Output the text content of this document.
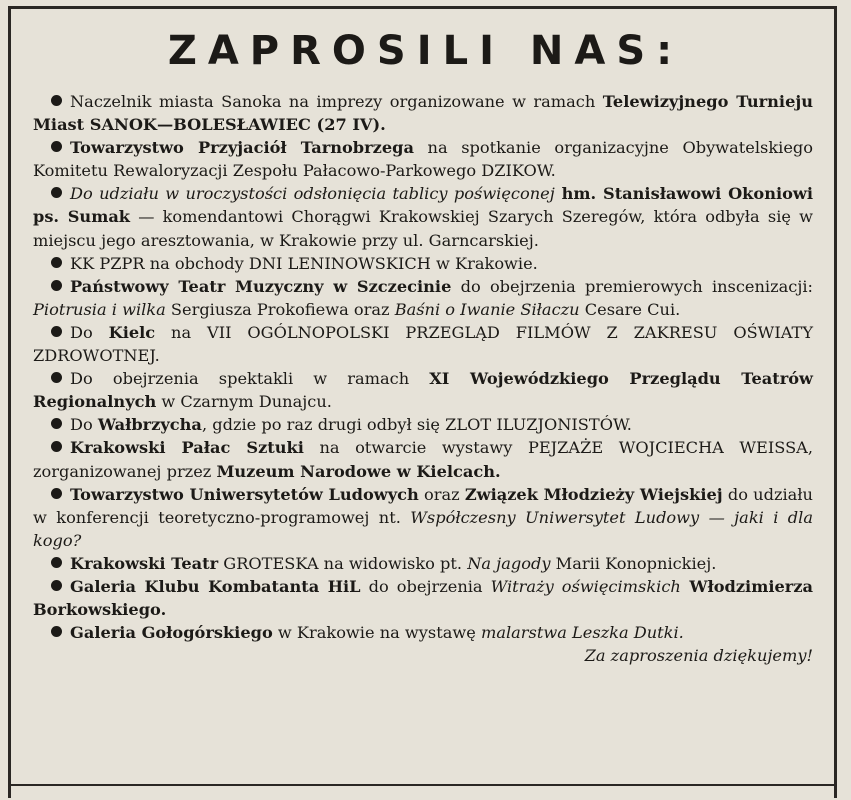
ZAPROSILI NAS:

Naczelnik miasta Sanoka na imprezy organizowane w ramach Telewizyjnego Turnieju Miast SANOK—BOLESŁAWIEC (27 IV).

Towarzystwo Przyjaciół Tarnobrzega na spotkanie organizacyjne Obywatelskiego Komitetu Rewaloryzacji Zespołu Pałacowo-Parkowego DZIKOW.

Do udziału w uroczystości odsłonięcia tablicy poświęconej hm. Stanisławowi Okoniowi ps. Sumak — komendantowi Chorągwi Krakowskiej Szarych Szeregów, która odbyła się w miejscu jego aresztowania, w Krakowie przy ul. Garncarskiej.

KK PZPR na obchody DNI LENINOWSKICH w Krakowie.

Państwowy Teatr Muzyczny w Szczecinie do obejrzenia premierowych inscenizacji: Piotrusia i wilka Sergiusza Prokofiewa oraz Baśni o Iwanie Siłaczu Cesare Cui.

Do Kielc na VII OGÓLNOPOLSKI PRZEGLĄD FILMÓW Z ZAKRESU OŚWIATY ZDROWOTNEJ.

Do obejrzenia spektakli w ramach XI Wojewódzkiego Przeglądu Teatrów Regionalnych w Czarnym Dunajcu.

Do Wałbrzycha, gdzie po raz drugi odbył się ZLOT ILUZJONISTÓW.

Krakowski Pałac Sztuki na otwarcie wystawy PEJZAŻE WOJCIECHA WEISSA, zorganizowanej przez Muzeum Narodowe w Kielcach.

Towarzystwo Uniwersytetów Ludowych oraz Związek Młodzieży Wiejskiej do udziału w konferencji teoretyczno-programowej nt. Współczesny Uniwersytet Ludowy — jaki i dla kogo?

Krakowski Teatr GROTESKA na widowisko pt. Na jagody Marii Konopnickiej.

Galeria Klubu Kombatanta HiL do obejrzenia Witraży oświęcimskich Włodzimierza Borkowskiego.

Galeria Gołogórskiego w Krakowie na wystawę malarstwa Leszka Dutki.

Za zaproszenia dziękujemy!
